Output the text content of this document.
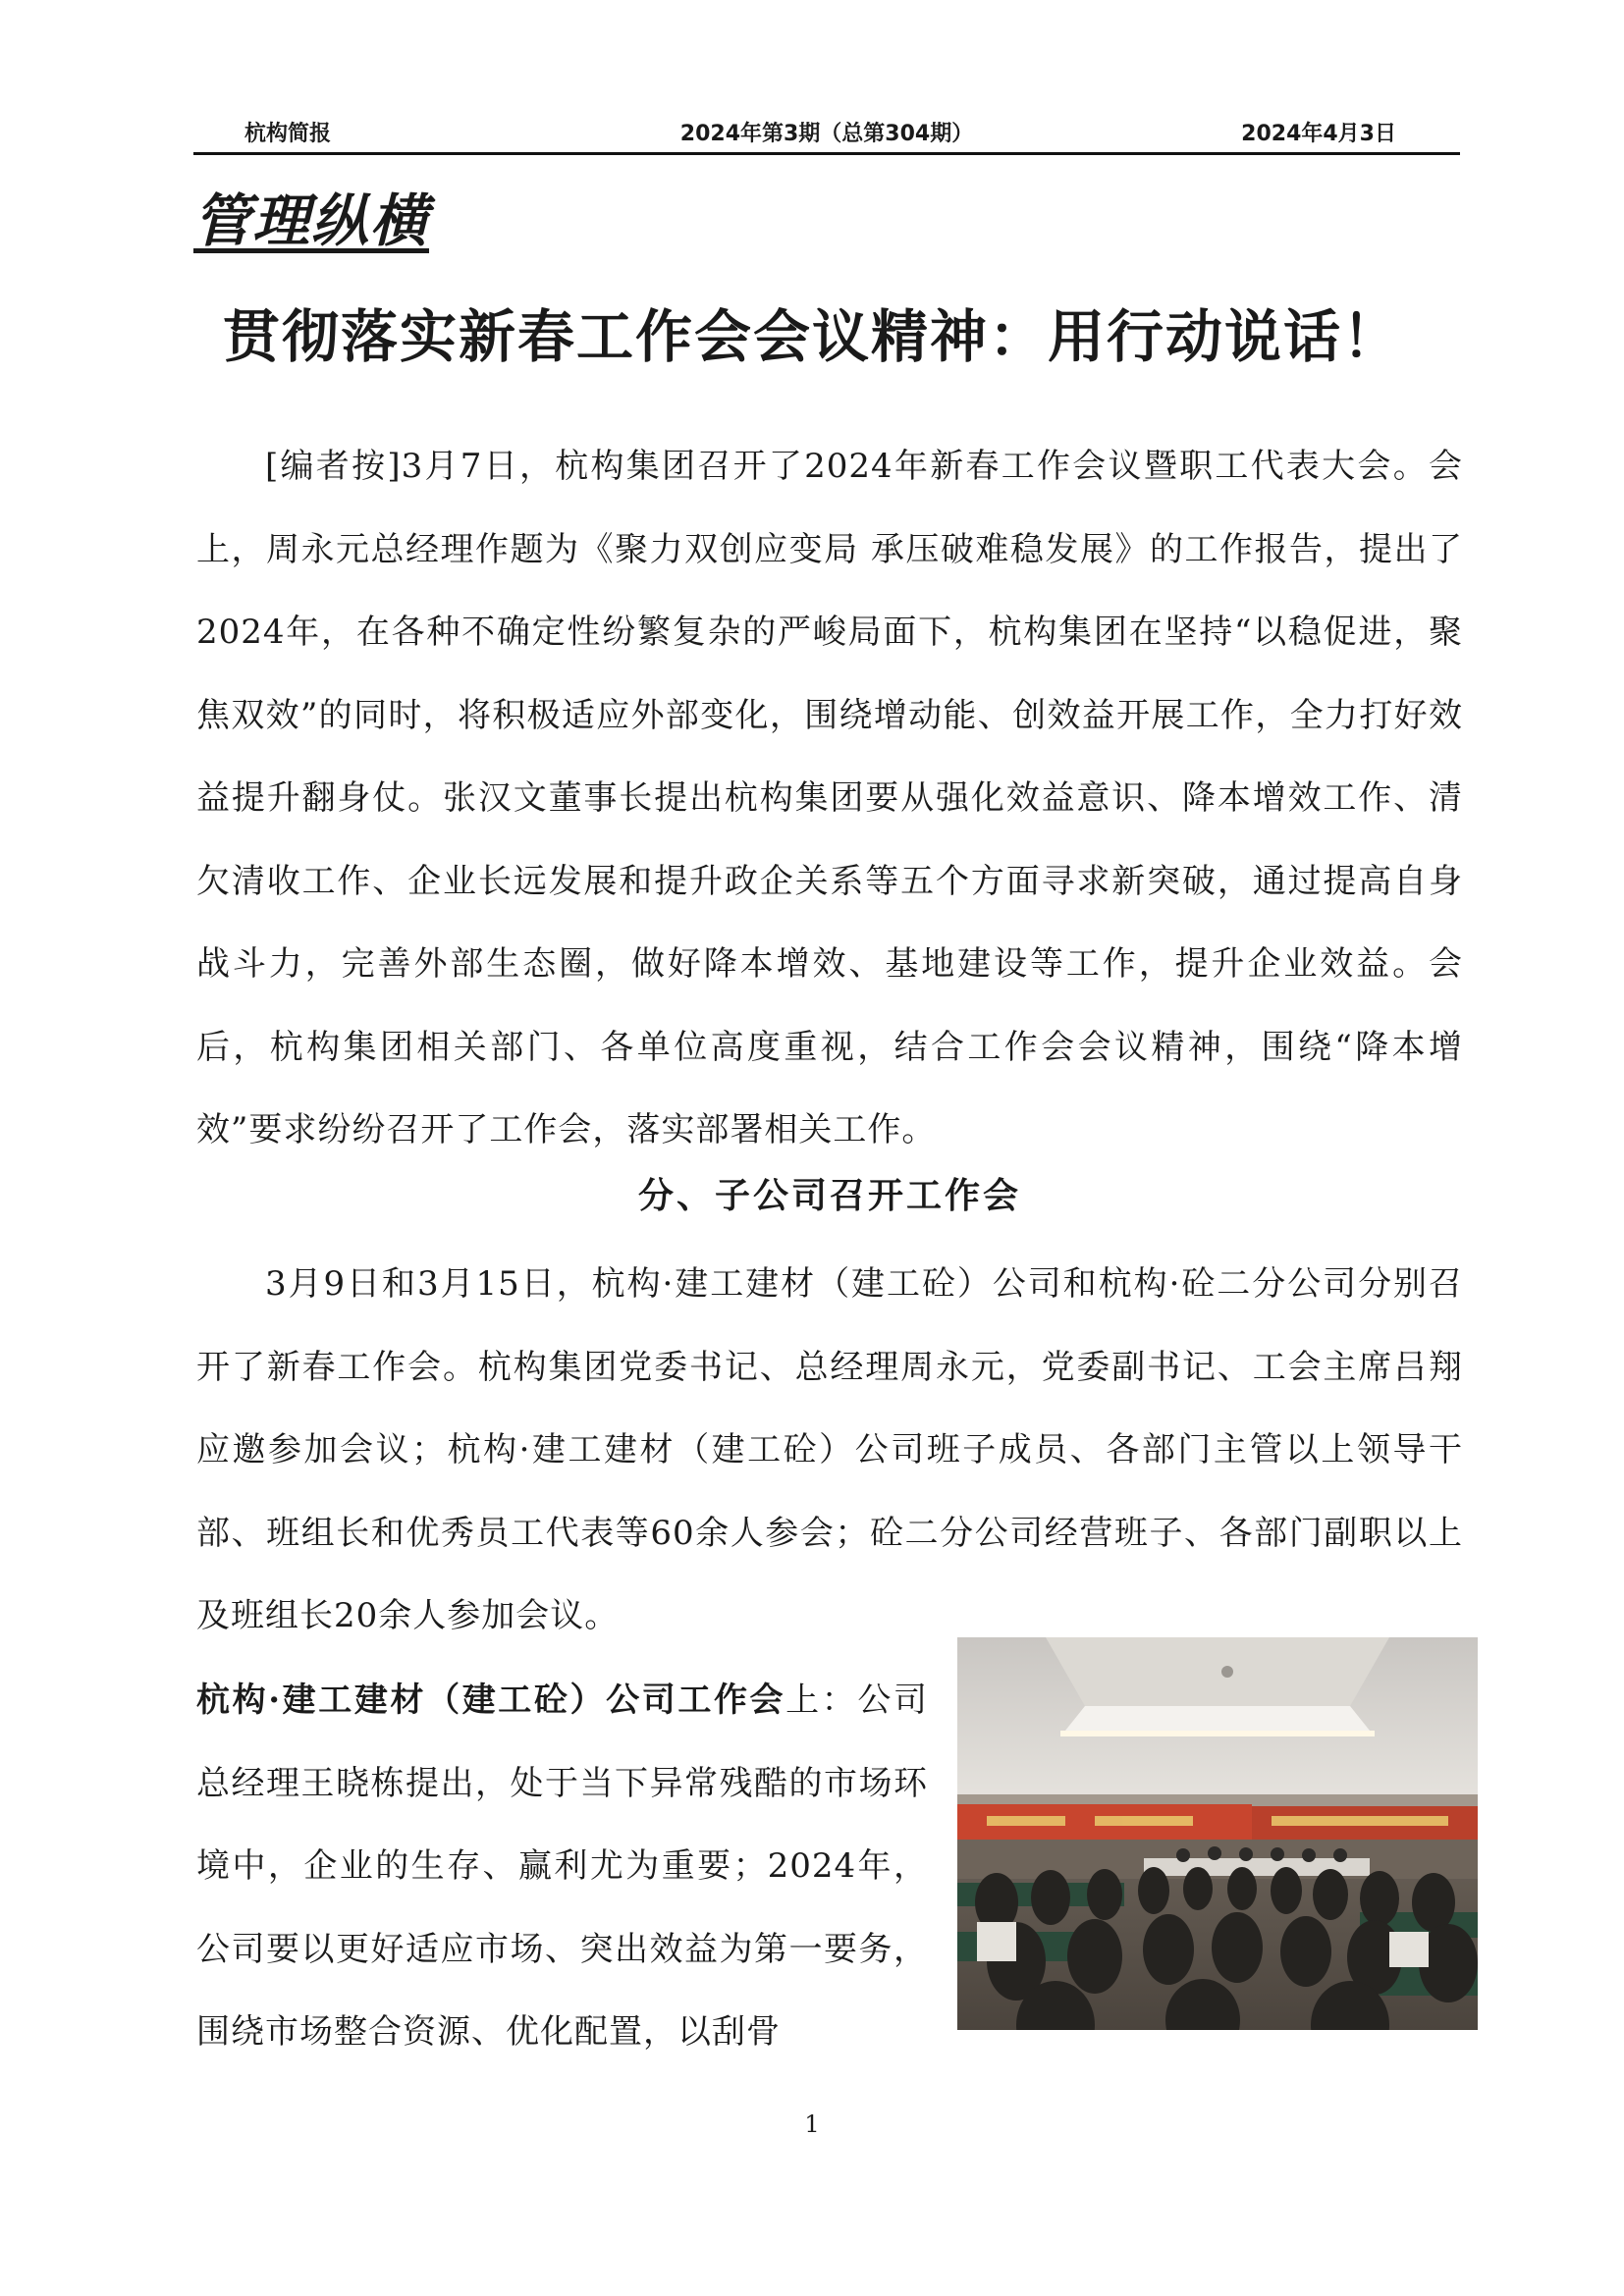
杭构简报	2024年第3期（总第304期）	2024年4月3日
管理纵横
贯彻落实新春工作会会议精神：用行动说话！

[编者按]3月7日，杭构集团召开了2024年新春工作会议暨职工代表大会。会上，周永元总经理作题为《聚力双创应变局 承压破难稳发展》的工作报告，提出了2024年，在各种不确定性纷繁复杂的严峻局面下，杭构集团在坚持“以稳促进，聚焦双效”的同时，将积极适应外部变化，围绕增动能、创效益开展工作，全力打好效益提升翻身仗。张汉文董事长提出杭构集团要从强化效益意识、降本增效工作、清欠清收工作、企业长远发展和提升政企关系等五个方面寻求新突破，通过提高自身战斗力，完善外部生态圈，做好降本增效、基地建设等工作，提升企业效益。会后，杭构集团相关部门、各单位高度重视，结合工作会会议精神，围绕“降本增效”要求纷纷召开了工作会，落实部署相关工作。

分、子公司召开工作会

3月9日和3月15日，杭构·建工建材（建工砼）公司和杭构·砼二分公司分别召开了新春工作会。杭构集团党委书记、总经理周永元，党委副书记、工会主席吕翔应邀参加会议；杭构·建工建材（建工砼）公司班子成员、各部门主管以上领导干部、班组长和优秀员工代表等60余人参会；砼二分公司经营班子、各部门副职以上及班组长20余人参加会议。

杭构·建工建材（建工砼）公司工作会上：公司总经理王晓栋提出，处于当下异常残酷的市场环境中，企业的生存、赢利尤为重要；2024年，公司要以更好适应市场、突出效益为第一要务，围绕市场整合资源、优化配置，以刮骨

1
